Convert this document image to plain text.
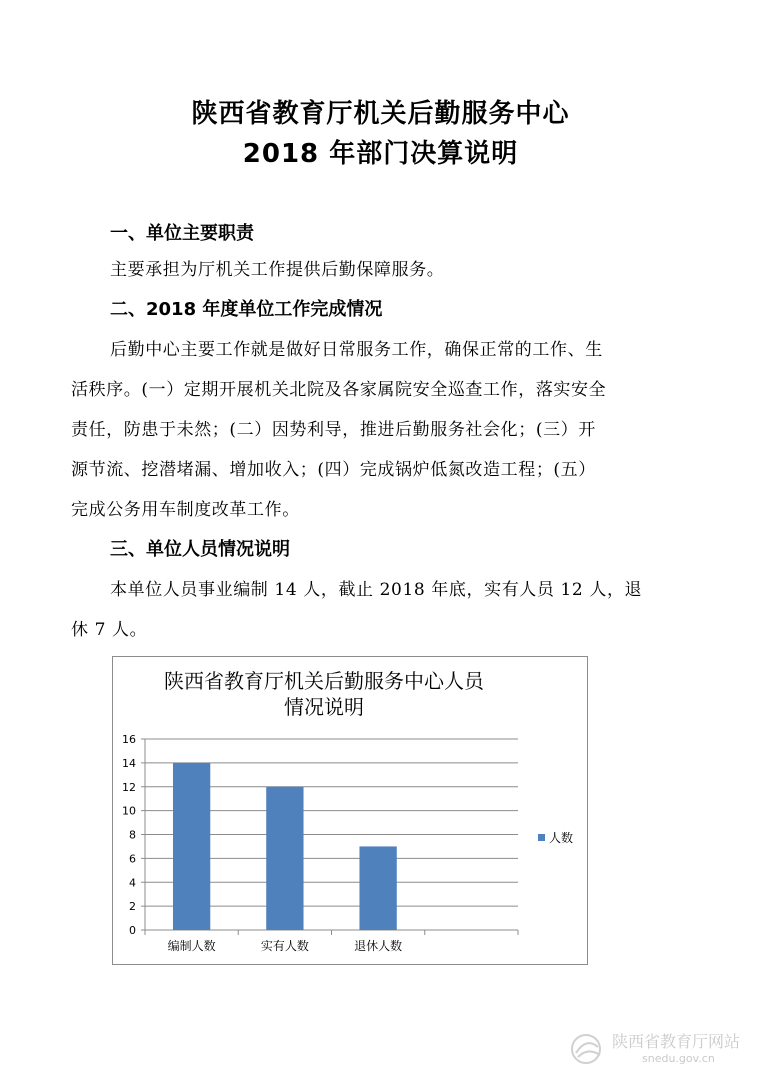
陕西省教育厅机关后勤服务中心
2018 年部门决算说明
一、单位主要职责
主要承担为厅机关工作提供后勤保障服务。
二、2018 年度单位工作完成情况
后勤中心主要工作就是做好日常服务工作，确保正常的工作、生
活秩序。(一）定期开展机关北院及各家属院安全巡查工作，落实安全
责任，防患于未然；(二）因势利导，推进后勤服务社会化；(三）开
源节流、挖潜堵漏、增加收入；(四）完成锅炉低氮改造工程；(五）
完成公务用车制度改革工作。
三、单位人员情况说明
本单位人员事业编制 14 人，截止 2018 年底，实有人员 12 人，退
休 7 人。
陕西省教育厅机关后勤服务中心人员
情况说明
0
2
4
6
8
10
12
14
16
编制人数	实有人数	退休人数
人数
陕西省教育厅网站
snedu.gov.cn
